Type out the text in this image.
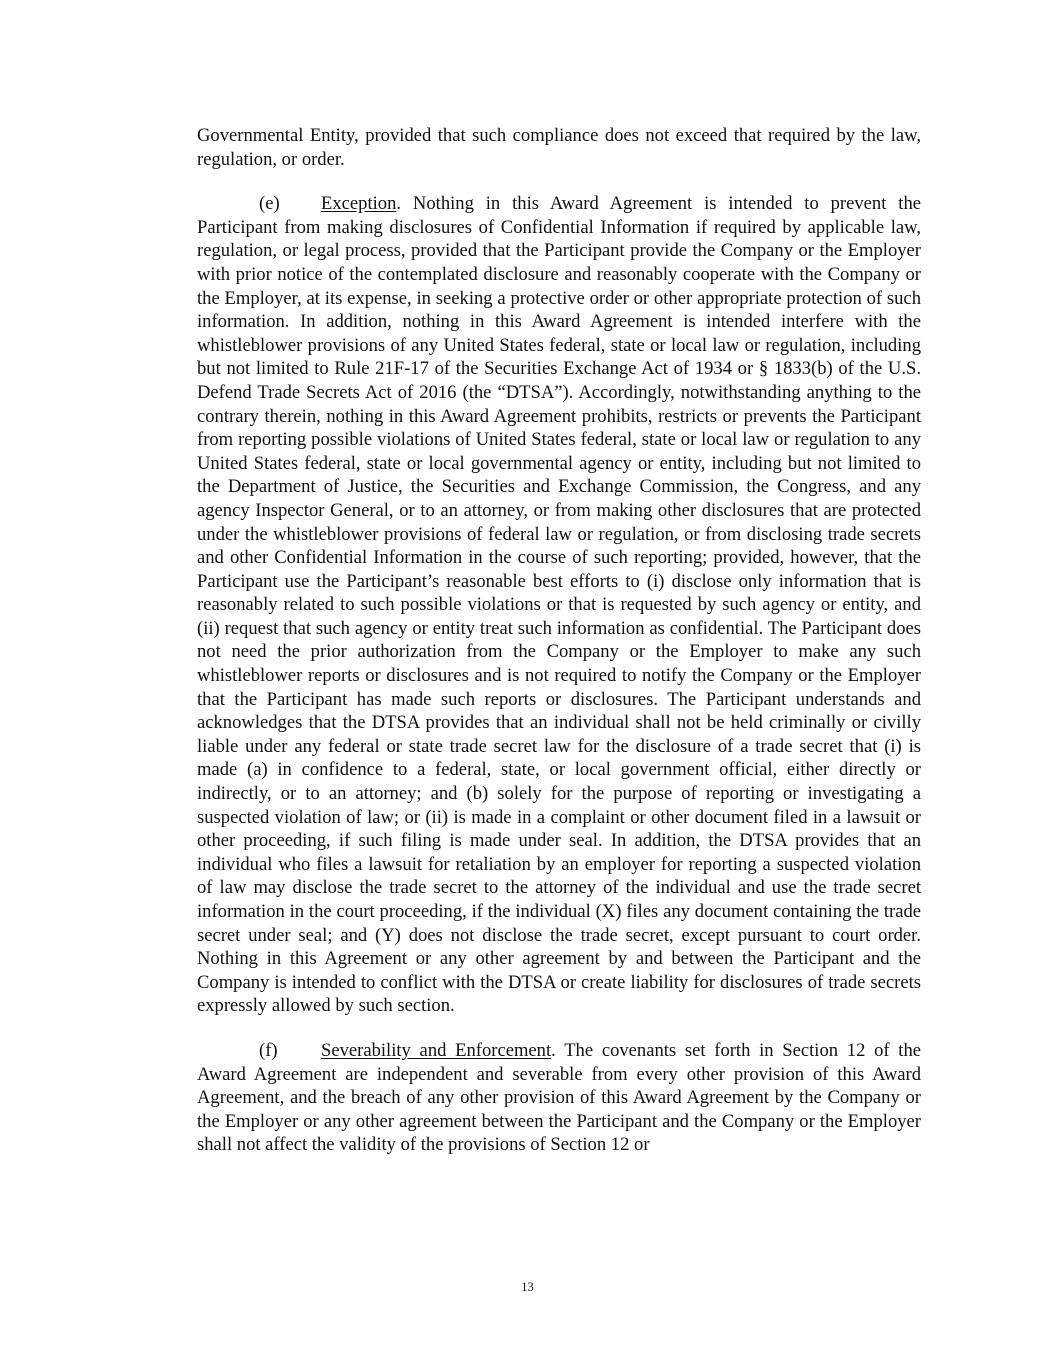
Governmental Entity, provided that such compliance does not exceed that required by the law, regulation, or order.

(e) Exception. Nothing in this Award Agreement is intended to prevent the Participant from making disclosures of Confidential Information if required by applicable law, regulation, or legal process, provided that the Participant provide the Company or the Employer with prior notice of the contemplated disclosure and reasonably cooperate with the Company or the Employer, at its expense, in seeking a protective order or other appropriate protection of such information. In addition, nothing in this Award Agreement is intended interfere with the whistleblower provisions of any United States federal, state or local law or regulation, including but not limited to Rule 21F-17 of the Securities Exchange Act of 1934 or § 1833(b) of the U.S. Defend Trade Secrets Act of 2016 (the “DTSA”). Accordingly, notwithstanding anything to the contrary therein, nothing in this Award Agreement prohibits, restricts or prevents the Participant from reporting possible violations of United States federal, state or local law or regulation to any United States federal, state or local governmental agency or entity, including but not limited to the Department of Justice, the Securities and Exchange Commission, the Congress, and any agency Inspector General, or to an attorney, or from making other disclosures that are protected under the whistleblower provisions of federal law or regulation, or from disclosing trade secrets and other Confidential Information in the course of such reporting; provided, however, that the Participant use the Participant’s reasonable best efforts to (i) disclose only information that is reasonably related to such possible violations or that is requested by such agency or entity, and (ii) request that such agency or entity treat such information as confidential. The Participant does not need the prior authorization from the Company or the Employer to make any such whistleblower reports or disclosures and is not required to notify the Company or the Employer that the Participant has made such reports or disclosures. The Participant understands and acknowledges that the DTSA provides that an individual shall not be held criminally or civilly liable under any federal or state trade secret law for the disclosure of a trade secret that (i) is made (a) in confidence to a federal, state, or local government official, either directly or indirectly, or to an attorney; and (b) solely for the purpose of reporting or investigating a suspected violation of law; or (ii) is made in a complaint or other document filed in a lawsuit or other proceeding, if such filing is made under seal. In addition, the DTSA provides that an individual who files a lawsuit for retaliation by an employer for reporting a suspected violation of law may disclose the trade secret to the attorney of the individual and use the trade secret information in the court proceeding, if the individual (X) files any document containing the trade secret under seal; and (Y) does not disclose the trade secret, except pursuant to court order. Nothing in this Agreement or any other agreement by and between the Participant and the Company is intended to conflict with the DTSA or create liability for disclosures of trade secrets expressly allowed by such section.

(f) Severability and Enforcement. The covenants set forth in Section 12 of the Award Agreement are independent and severable from every other provision of this Award Agreement, and the breach of any other provision of this Award Agreement by the Company or the Employer or any other agreement between the Participant and the Company or the Employer shall not affect the validity of the provisions of Section 12 or

13
